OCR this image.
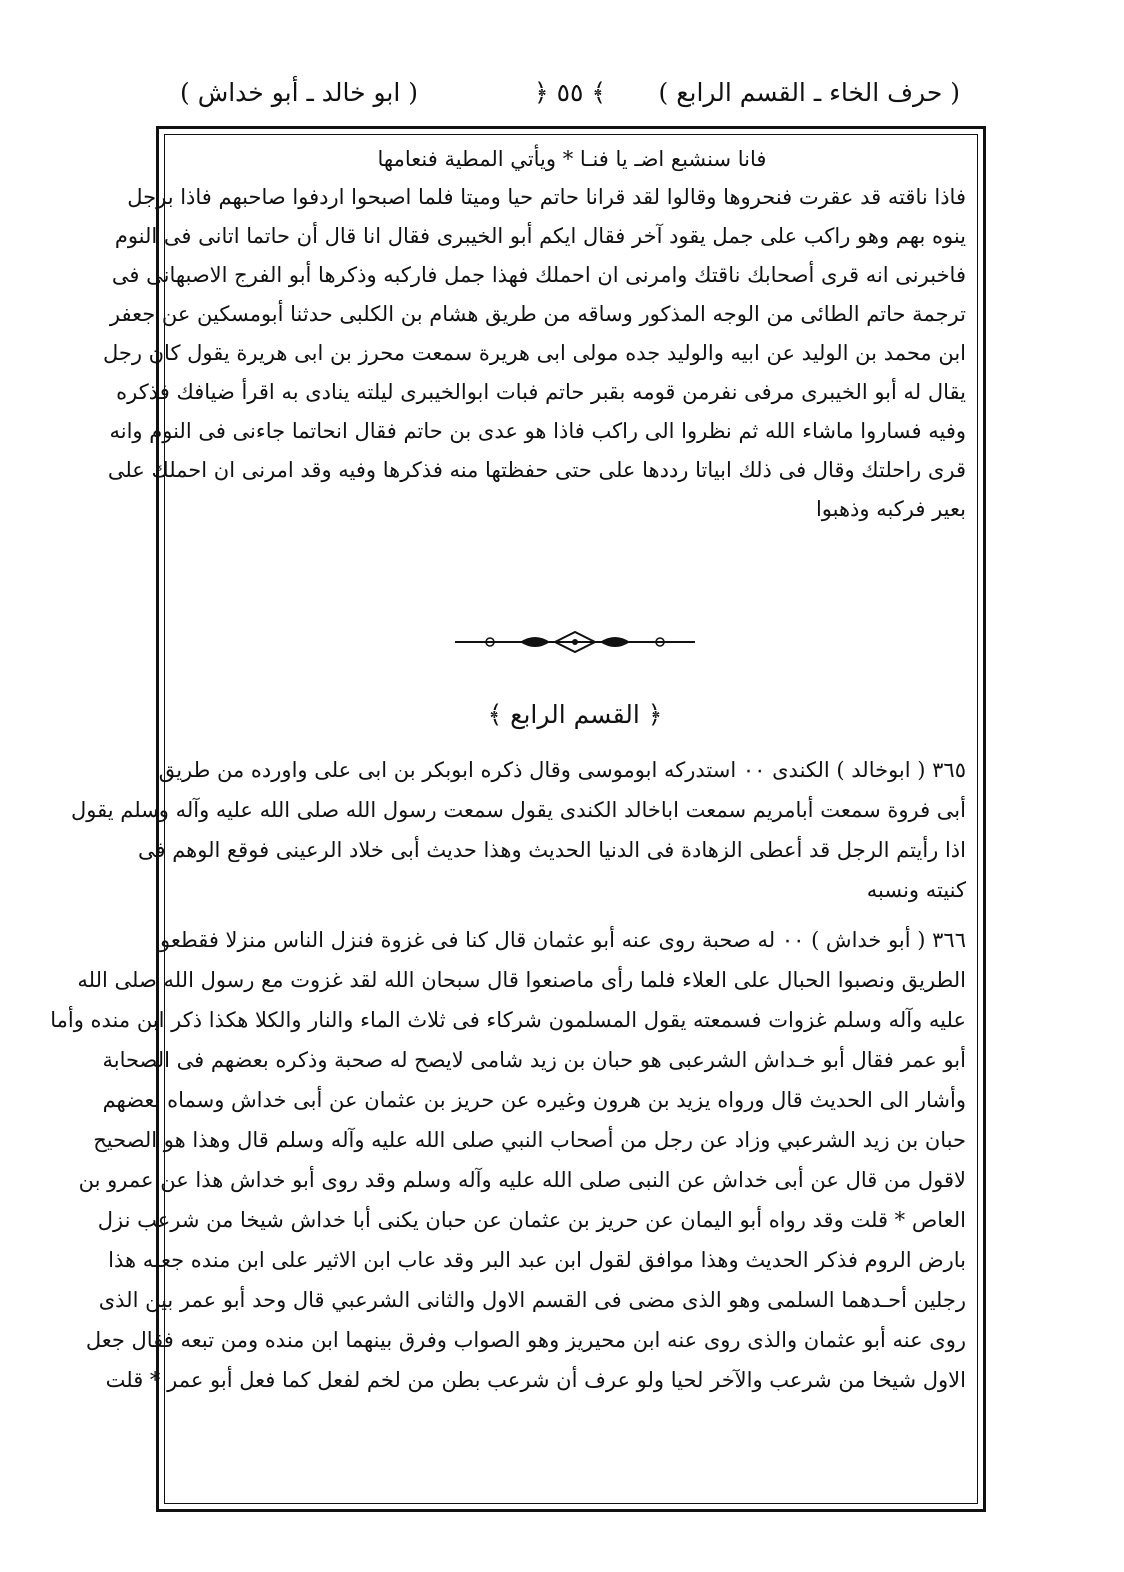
( حرف الخاء ـ القسم الرابع )
﴿ ٥٥ ﴾
( ابو خالد ـ أبو خداش )
فانا سنشبع اضـ يا فنـا * ويأتي المطية فنعامها
فاذا ناقته قد عقرت فنحروها وقالوا لقد قرانا حاتم حيا وميتا فلما اصبحوا اردفوا صاحبهم فاذا برجل
ينوه بهم وهو راكب على جمل يقود آخر فقال ايكم أبو الخيبرى فقال انا قال أن حاتما اتانى فى النوم
فاخبرنى انه قرى أصحابك ناقتك وامرنى ان احملك فهذا جمل فاركبه وذكرها أبو الفرج الاصبهانى فى
ترجمة حاتم الطائى من الوجه المذكور وساقه من طريق هشام بن الكلبى حدثنا أبومسكين عن جعفر
ابن محمد بن الوليد عن ابيه والوليد جده مولى ابى هريرة سمعت محرز بن ابى هريرة يقول كان رجل
يقال له أبو الخيبرى مرفى نفرمن قومه بقبر حاتم فبات ابوالخيبرى ليلته ينادى به اقرأ ضيافك فذكره
وفيه فساروا ماشاء الله ثم نظروا الى راكب فاذا هو عدى بن حاتم فقال انحاتما جاءنى فى النوم وانه
قرى راحلتك وقال فى ذلك ابياتا رددها على حتى حفظتها منه فذكرها وفيه وقد امرنى ان احملك على
بعير فركبه وذهبوا
﴿ القسم الرابع ﴾
٣٦٥ ( ابوخالد ) الكندى ٠٠ استدركه ابوموسى وقال ذكره ابوبكر بن ابى على واورده من طريق
أبى فروة سمعت أبامريم سمعت اباخالد الكندى يقول سمعت رسول الله صلى الله عليه وآله وسلم يقول
اذا رأيتم الرجل قد أعطى الزهادة فى الدنيا الحديث وهذا حديث أبى خلاد الرعينى فوقع الوهم فى
كنيته ونسبه
٣٦٦ ( أبو خداش ) ٠٠ له صحبة روى عنه أبو عثمان قال كنا فى غزوة فنزل الناس منزلا فقطعوا
الطريق ونصبوا الحبال على العلاء فلما رأى ماصنعوا قال سبحان الله لقد غزوت مع رسول الله صلى الله
عليه وآله وسلم غزوات فسمعته يقول المسلمون شركاء فى ثلاث الماء والنار والكلا هكذا ذكر ابن منده وأما
أبو عمر فقال أبو خـداش الشرعبى هو حبان بن زيد شامى لايصح له صحبة وذكره بعضهم فى الصحابة
وأشار الى الحديث قال ورواه يزيد بن هرون وغيره عن حريز بن عثمان عن أبى خداش وسماه بعضهم
حبان بن زيد الشرعبي وزاد عن رجل من أصحاب النبي صلى الله عليه وآله وسلم قال وهذا هو الصحيح
لاقول من قال عن أبى خداش عن النبى صلى الله عليه وآله وسلم وقد روى أبو خداش هذا عن عمرو بن
العاص * قلت وقد رواه أبو اليمان عن حريز بن عثمان عن حبان يكنى أبا خداش شيخا من شرعب نزل
بارض الروم فذكر الحديث وهذا موافق لقول ابن عبد البر وقد عاب ابن الاثير على ابن منده جعله هذا
رجلين أحـدهما السلمى وهو الذى مضى فى القسم الاول والثانى الشرعبي قال وحد أبو عمر بين الذى
روى عنه أبو عثمان والذى روى عنه ابن محيريز وهو الصواب وفرق بينهما ابن منده ومن تبعه فقال جعل
الاول شيخا من شرعب والآخر لحيا ولو عرف أن شرعب بطن من لخم لفعل كما فعل أبو عمر * قلت
